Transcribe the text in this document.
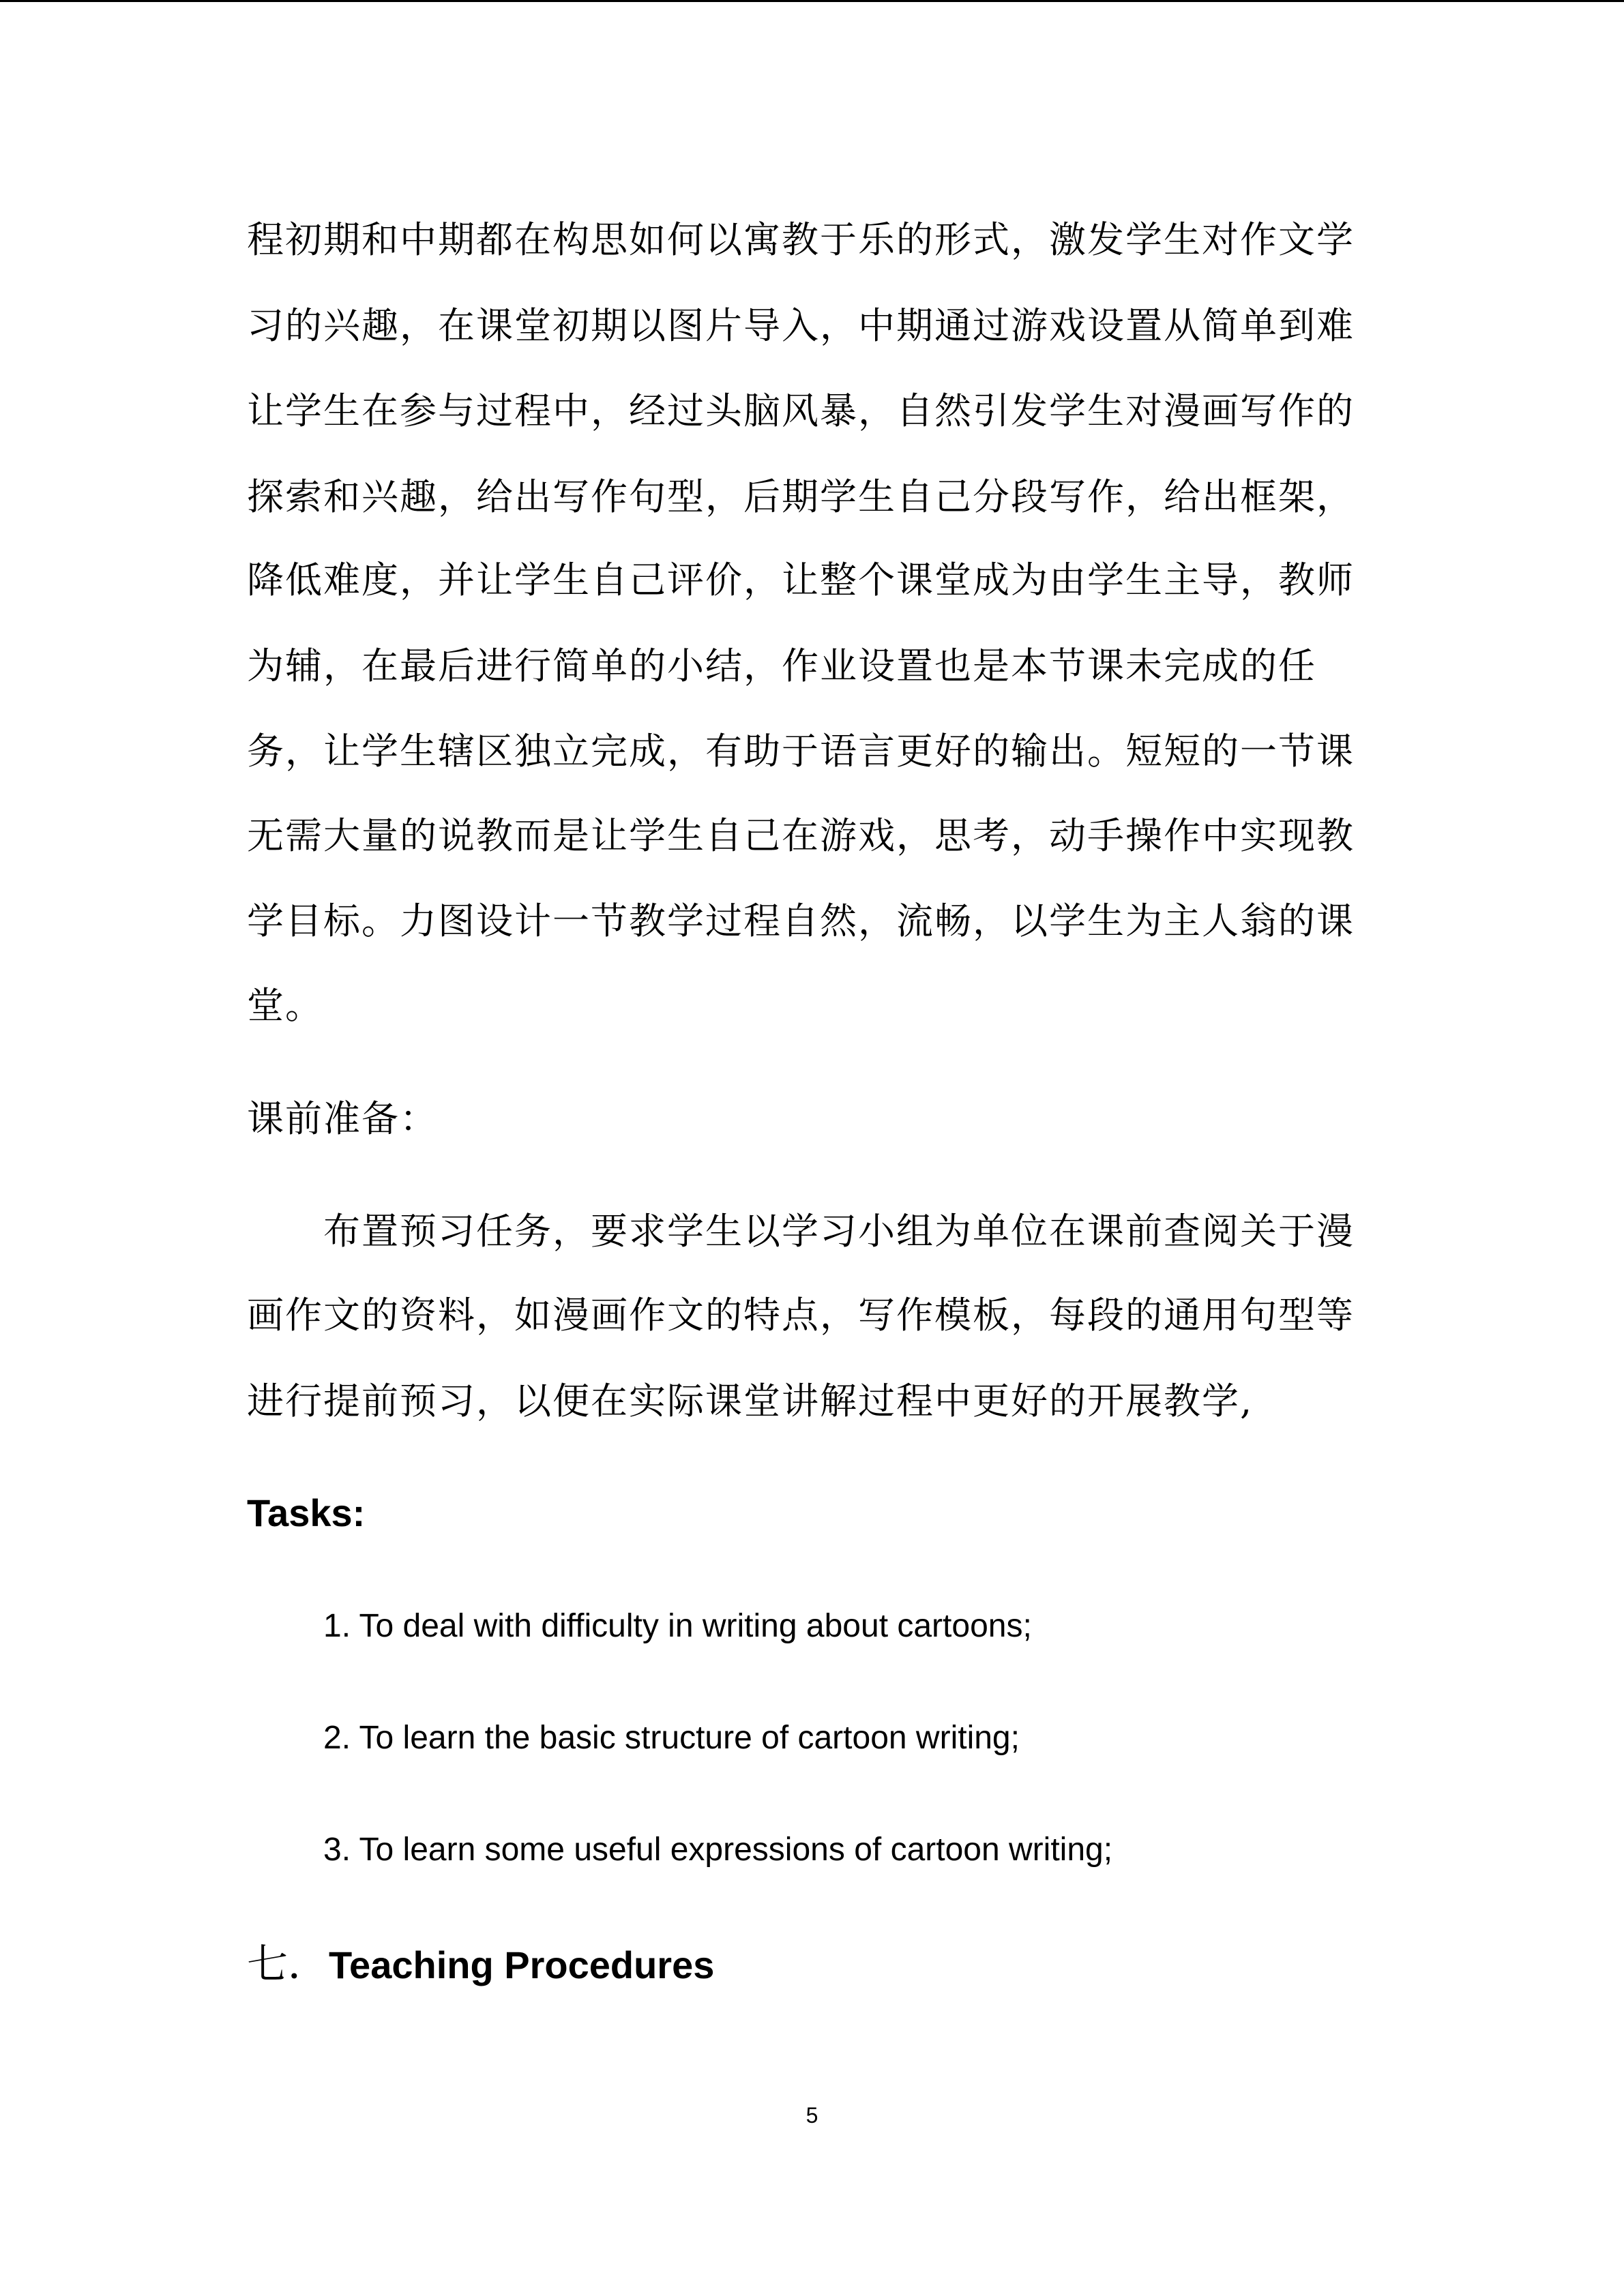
程初期和中期都在构思如何以寓教于乐的形式，激发学生对作文学
习的兴趣，在课堂初期以图片导入，中期通过游戏设置从简单到难
让学生在参与过程中，经过头脑风暴，自然引发学生对漫画写作的
探索和兴趣，给出写作句型，后期学生自己分段写作，给出框架，
降低难度，并让学生自己评价，让整个课堂成为由学生主导，教师
为辅，在最后进行简单的小结，作业设置也是本节课未完成的任
务，让学生辖区独立完成，有助于语言更好的输出。短短的一节课
无需大量的说教而是让学生自己在游戏，思考，动手操作中实现教
学目标。力图设计一节教学过程自然，流畅，以学生为主人翁的课
堂。
课前准备：
布置预习任务，要求学生以学习小组为单位在课前查阅关于漫
画作文的资料，如漫画作文的特点，写作模板，每段的通用句型等
进行提前预习，以便在实际课堂讲解过程中更好的开展教学,
Tasks:
1. To deal with difficulty in writing about cartoons;
2. To learn the basic structure of cartoon writing;
3. To learn some useful expressions of cartoon writing;
七．Teaching Procedures
5
